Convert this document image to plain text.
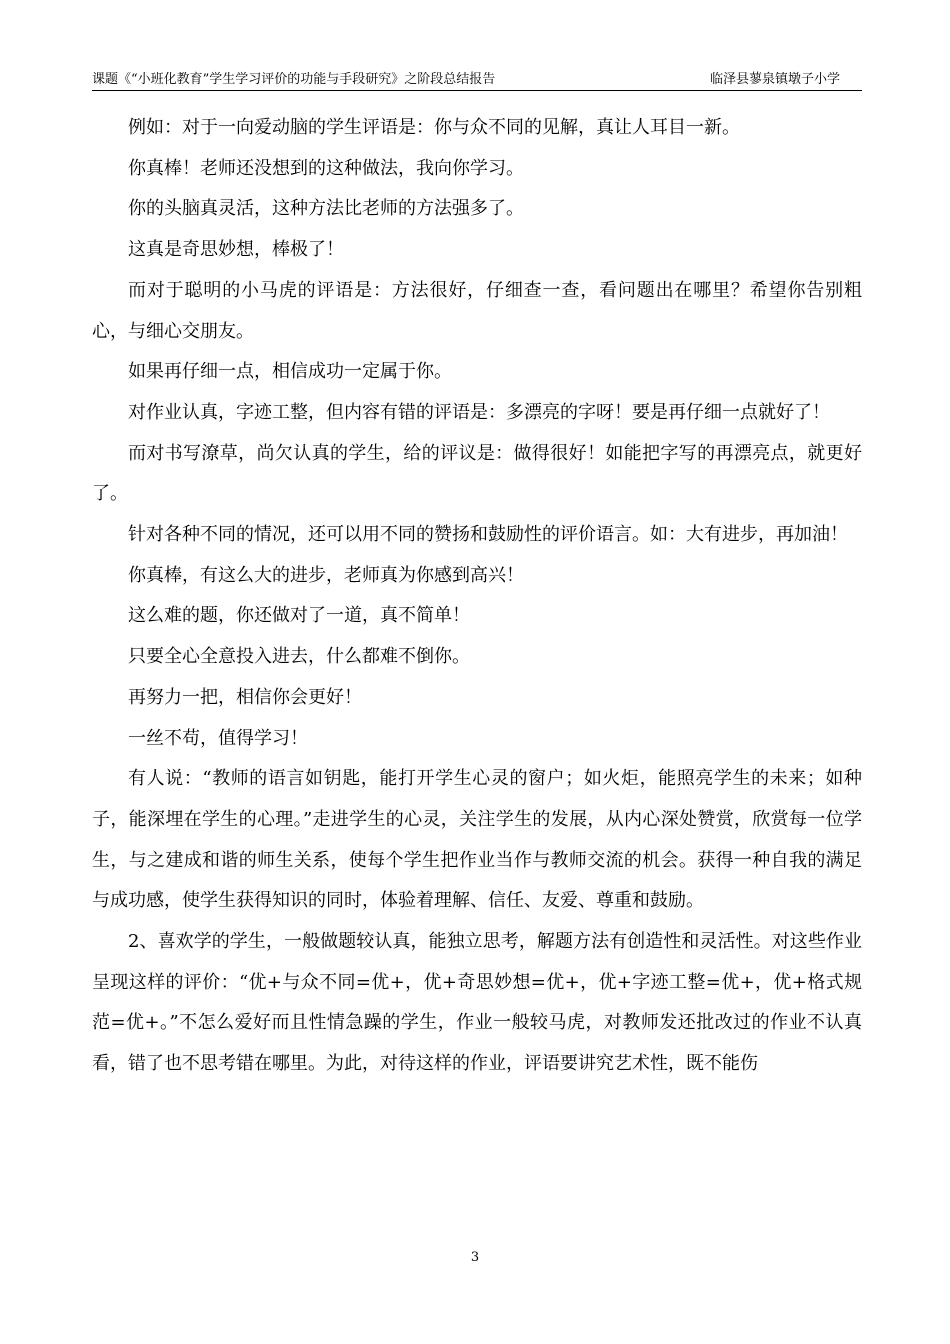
课题《“小班化教育”学生学习评价的功能与手段研究》之阶段总结报告	临泽县蓼泉镇墩子小学

例如：对于一向爱动脑的学生评语是：你与众不同的见解，真让人耳目一新。

你真棒！老师还没想到的这种做法，我向你学习。

你的头脑真灵活，这种方法比老师的方法强多了。

这真是奇思妙想，棒极了！

而对于聪明的小马虎的评语是：方法很好，仔细查一查，看问题出在哪里？希望你告别粗心，与细心交朋友。

如果再仔细一点，相信成功一定属于你。

对作业认真，字迹工整，但内容有错的评语是：多漂亮的字呀！要是再仔细一点就好了！

而对书写潦草，尚欠认真的学生，给的评议是：做得很好！如能把字写的再漂亮点，就更好了。

针对各种不同的情况，还可以用不同的赞扬和鼓励性的评价语言。如：大有进步，再加油！

你真棒，有这么大的进步，老师真为你感到高兴！

这么难的题，你还做对了一道，真不简单！

只要全心全意投入进去，什么都难不倒你。

再努力一把，相信你会更好！

一丝不苟，值得学习！

有人说：“教师的语言如钥匙，能打开学生心灵的窗户；如火炬，能照亮学生的未来；如种子，能深埋在学生的心理。”走进学生的心灵，关注学生的发展，从内心深处赞赏，欣赏每一位学生，与之建成和谐的师生关系，使每个学生把作业当作与教师交流的机会。获得一种自我的满足与成功感，使学生获得知识的同时，体验着理解、信任、友爱、尊重和鼓励。

2、喜欢学的学生，一般做题较认真，能独立思考，解题方法有创造性和灵活性。对这些作业呈现这样的评价：“优+与众不同=优+，优+奇思妙想=优+，优+字迹工整=优+，优+格式规范=优+。”不怎么爱好而且性情急躁的学生，作业一般较马虎，对教师发还批改过的作业不认真看，错了也不思考错在哪里。为此，对待这样的作业，评语要讲究艺术性，既不能伤

3
